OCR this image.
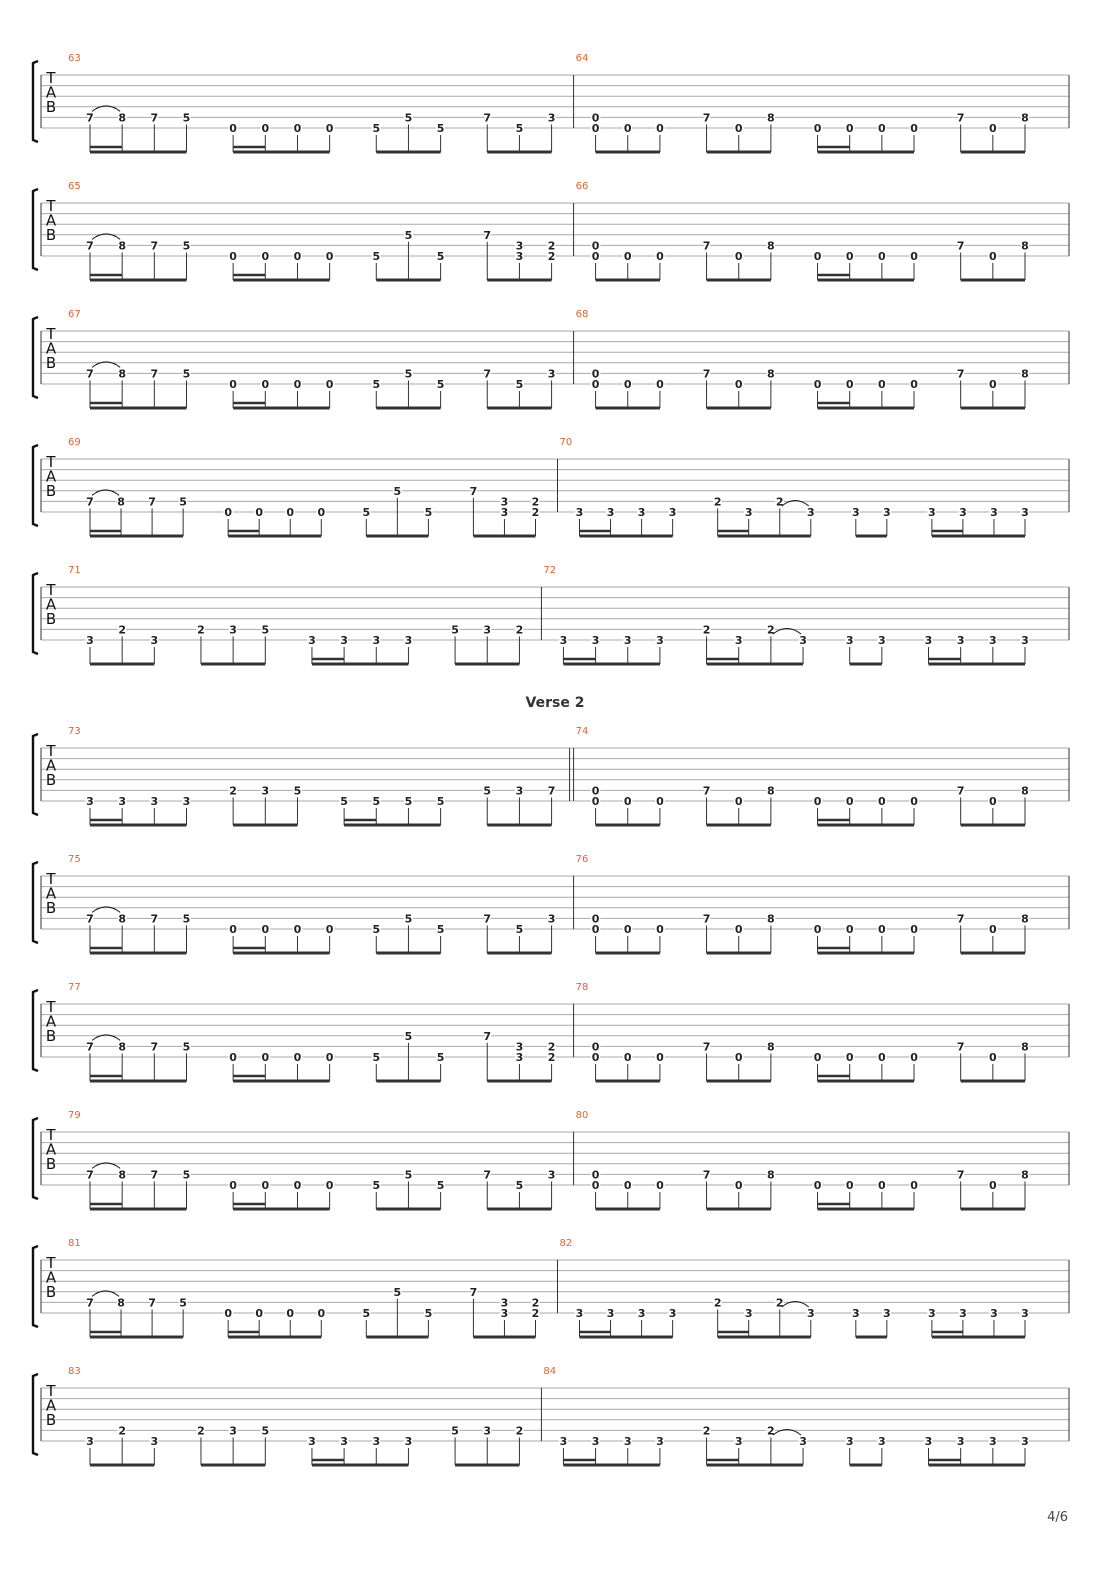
T
A
B
63
7 8 7 5
0 0 0 0	5
5
5
7
5
3
64
0
0 0 0
7
0
8
0 0 0 0
7
0
8
T
A
B
65
7 8 7 5
0 0 0 0	5
5
5
7
3
3
2
2
66
0
0 0 0
7
0
8
0 0 0 0
7
0
8
T
A
B
67
7 8 7 5
0 0 0 0	5
5
5
7
5
3
68
0
0 0 0
7
0
8
0 0 0 0
7
0
8
T
A
B
69
7 8 7 5
0 0 0 0	5
5
5
7
3
3
2
2
70
3 3 3 3
2
3
2
3	3 3	3 3 3 3
T
A
B
71
3
2
3
2 3 5
3 3 3 3
5 3 2
72
3 3 3 3
2
3
2
3	3 3	3 3 3 3
T
A
B
73
3 3 3 3
2 3 5
5 5 5 5
5 3 7
74
0
0 0 0
7
0
8
0 0 0 0
7
0
8
T
A
B
75
7 8 7 5
0 0 0 0	5
5
5
7
5
3
76
0
0 0 0
7
0
8
0 0 0 0
7
0
8
T
A
B
77
7 8 7 5
0 0 0 0	5
5
5
7
3
3
2
2
78
0
0 0 0
7
0
8
0 0 0 0
7
0
8
T
A
B
79
7 8 7 5
0 0 0 0	5
5
5
7
5
3
80
0
0 0 0
7
0
8
0 0 0 0
7
0
8
T
A
B
81
7 8 7 5
0 0 0 0	5
5
5
7
3
3
2
2
82
3 3 3 3
2
3
2
3	3 3	3 3 3 3
T
A
B
83
3
2
3
2 3 5
3 3 3 3
5 3 2
84
3 3 3 3
2
3
2
3	3 3	3 3 3 3
Verse 2
4/6
